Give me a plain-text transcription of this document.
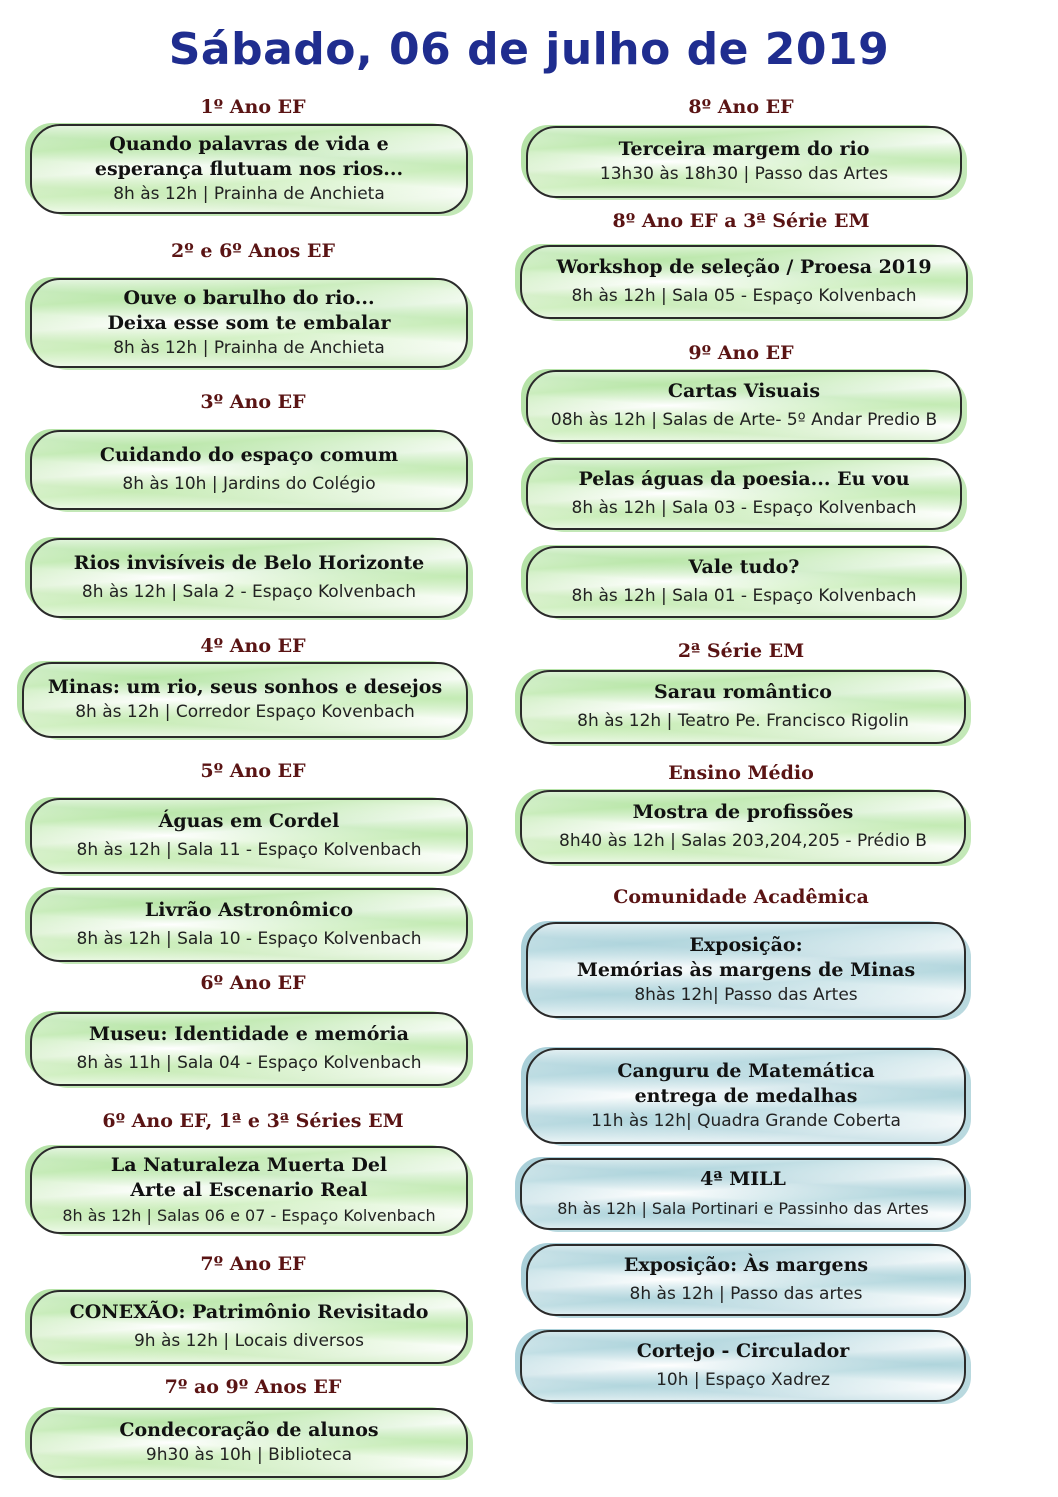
Sábado, 06 de julho de 2019
1º Ano EF
Quando palavras de vida e
esperança flutuam nos rios...
8h às 12h | Prainha de Anchieta
2º e 6º Anos EF
Ouve o barulho do rio...
Deixa esse som te embalar
8h às 12h | Prainha de Anchieta
3º Ano EF
Cuidando do espaço comum
8h às 10h | Jardins do Colégio
Rios invisíveis de Belo Horizonte
8h às 12h | Sala 2 - Espaço Kolvenbach
4º Ano EF
Minas: um rio, seus sonhos e desejos
8h às 12h | Corredor Espaço Kovenbach
5º Ano EF
Águas em Cordel
8h às 12h | Sala 11 - Espaço Kolvenbach
Livrão Astronômico
8h às 12h | Sala 10 - Espaço Kolvenbach
6º Ano EF
Museu: Identidade e memória
8h às 11h | Sala 04 - Espaço Kolvenbach
6º Ano EF, 1ª e 3ª Séries EM
La Naturaleza Muerta Del
Arte al Escenario Real
8h às 12h | Salas 06 e 07 - Espaço Kolvenbach
7º Ano EF
CONEXÃO: Patrimônio Revisitado
9h às 12h | Locais diversos
7º ao 9º Anos EF
Condecoração de alunos
9h30 às 10h | Biblioteca
8º Ano EF
Terceira margem do rio
13h30 às 18h30 | Passo das Artes
8º Ano EF a 3ª Série EM
Workshop de seleção / Proesa 2019
8h às 12h | Sala 05 - Espaço Kolvenbach
9º Ano EF
Cartas Visuais
08h às 12h | Salas de Arte- 5º Andar Predio B
Pelas águas da poesia... Eu vou
8h às 12h | Sala 03 - Espaço Kolvenbach
Vale tudo?
8h às 12h | Sala 01 - Espaço Kolvenbach
2ª Série EM
Sarau romântico
8h às 12h | Teatro Pe. Francisco Rigolin
Ensino Médio
Mostra de profissões
8h40 às 12h | Salas 203,204,205 - Prédio B
Comunidade Acadêmica
Exposição:
Memórias às margens de Minas
8hàs 12h| Passo das Artes
Canguru de Matemática
entrega de medalhas
11h às 12h| Quadra Grande Coberta
4ª MILL
8h às 12h | Sala Portinari e Passinho das Artes
Exposição: Às margens
8h às 12h | Passo das artes
Cortejo - Circulador
10h | Espaço Xadrez
